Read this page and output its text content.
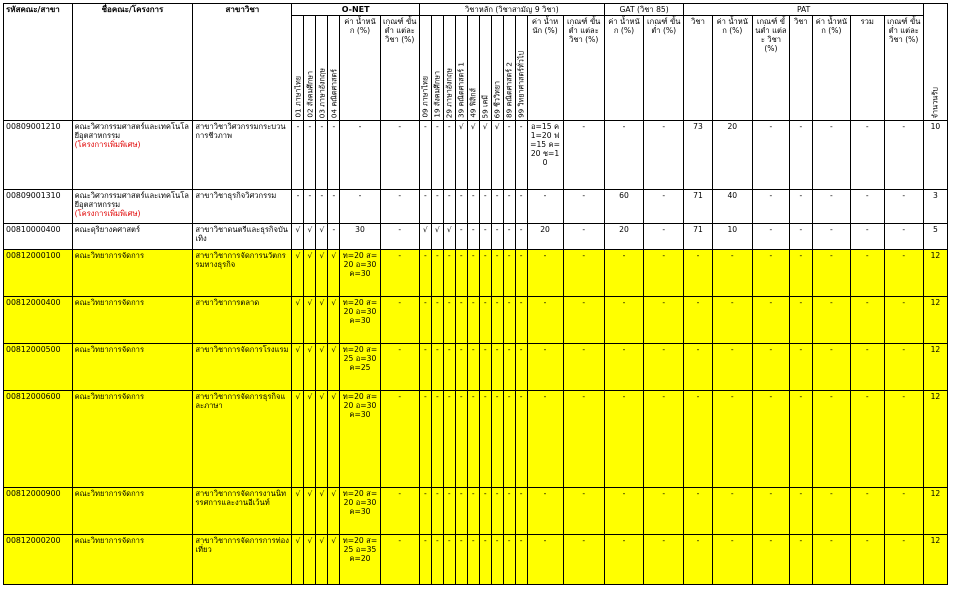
รหัสคณะ/สาขา	ชื่อคณะ/โครงการ	สาขาวิชา	O-NET						วิชาหลัก (วิชาสามัญ 9 วิชา)											GAT (วิชา 85)		PAT							จำนวนรับ

			01 ภาษาไทย	02 สังคมศึกษา	03 ภาษาอังกฤษ	04 คณิตศาสตร์	ค่า น้ำหนัก (%)	เกณฑ์ ขั้นต่ำ แต่ละ วิชา (%)	09 ภาษาไทย	19 สังคมศึกษา	29 ภาษาอังกฤษ	39 คณิตศาสตร์ 1	49 ฟิสิกส์	59 เคมี	69 ชีววิทยา	89 คณิตศาสตร์ 2	99 วิทยาศาสตร์ทั่วไป	ค่า น้ำหนัก (%)	เกณฑ์ ขั้นต่ำ แต่ละ วิชา (%)	ค่า น้ำหนัก (%)	เกณฑ์ ขั้นต่ำ (%)	วิชา	ค่า น้ำหนัก (%)	เกณฑ์ ขั้นต่ำ แต่ละ วิชา (%)	วิชา	ค่า น้ำหนัก (%)	รวม	เกณฑ์ ขั้นต่ำ แต่ละ วิชา (%)	
00809001210	คณะวิศวกรรมศาสตร์และเทคโนโลยีอุตสาหกรรม
(โครงการเพิ่มพิเศษ)	สาขาวิชาวิศวกรรมกระบวนการชีวภาพ	-	-	-	-	-	-	-	-	-	√	√	√	√	-	-	อ=15 ค1=20 ฟ=15 ค=20 ช=10	-	-	-	73	20	-	-	-	-	-	10
00809001310	คณะวิศวกรรมศาสตร์และเทคโนโลยีอุตสาหกรรม
(โครงการเพิ่มพิเศษ)	สาขาวิชาธุรกิจวิศวกรรม	-	-	-	-	-	-	-	-	-	-	-	-	-	-	-	-	-	60	-	71	40	-	-	-	-	-	3
00810000400	คณะดุริยางคศาสตร์	สาขาวิชาดนตรีและธุรกิจบันเทิง	√	√	√	-	30	-	√	√	√	-	-	-	-	-	-	20	-	20	-	71	10	-	-	-	-	-	5
00812000100	คณะวิทยาการจัดการ	สาขาวิชาการจัดการนวัตกรรมทางธุรกิจ	√	√	√	√	ท=20 ส=20 อ=30 ค=30	-	-	-	-	-	-	-	-	-	-	-	-	-	-	-	-	-	-	-	-	-	12
00812000400	คณะวิทยาการจัดการ	สาขาวิชาการตลาด	√	√	√	√	ท=20 ส=20 อ=30 ค=30	-	-	-	-	-	-	-	-	-	-	-	-	-	-	-	-	-	-	-	-	-	12
00812000500	คณะวิทยาการจัดการ	สาขาวิชาการจัดการโรงแรม	√	√	√	√	ท=20 ส=25 อ=30 ค=25	-	-	-	-	-	-	-	-	-	-	-	-	-	-	-	-	-	-	-	-	-	12
00812000600	คณะวิทยาการจัดการ	สาขาวิชาการจัดการธุรกิจและภาษา	√	√	√	√	ท=20 ส=20 อ=30 ค=30	-	-	-	-	-	-	-	-	-	-	-	-	-	-	-	-	-	-	-	-	-	12
00812000900	คณะวิทยาการจัดการ	สาขาวิชาการจัดการงานนิทรรศการและงานอีเว้นท์	√	√	√	√	ท=20 ส=20 อ=30 ค=30	-	-	-	-	-	-	-	-	-	-	-	-	-	-	-	-	-	-	-	-	-	12
00812000200	คณะวิทยาการจัดการ	สาขาวิชาการจัดการการท่องเที่ยว	√	√	√	√	ท=20 ส=25 อ=35 ค=20	-	-	-	-	-	-	-	-	-	-	-	-	-	-	-	-	-	-	-	-	-	12
